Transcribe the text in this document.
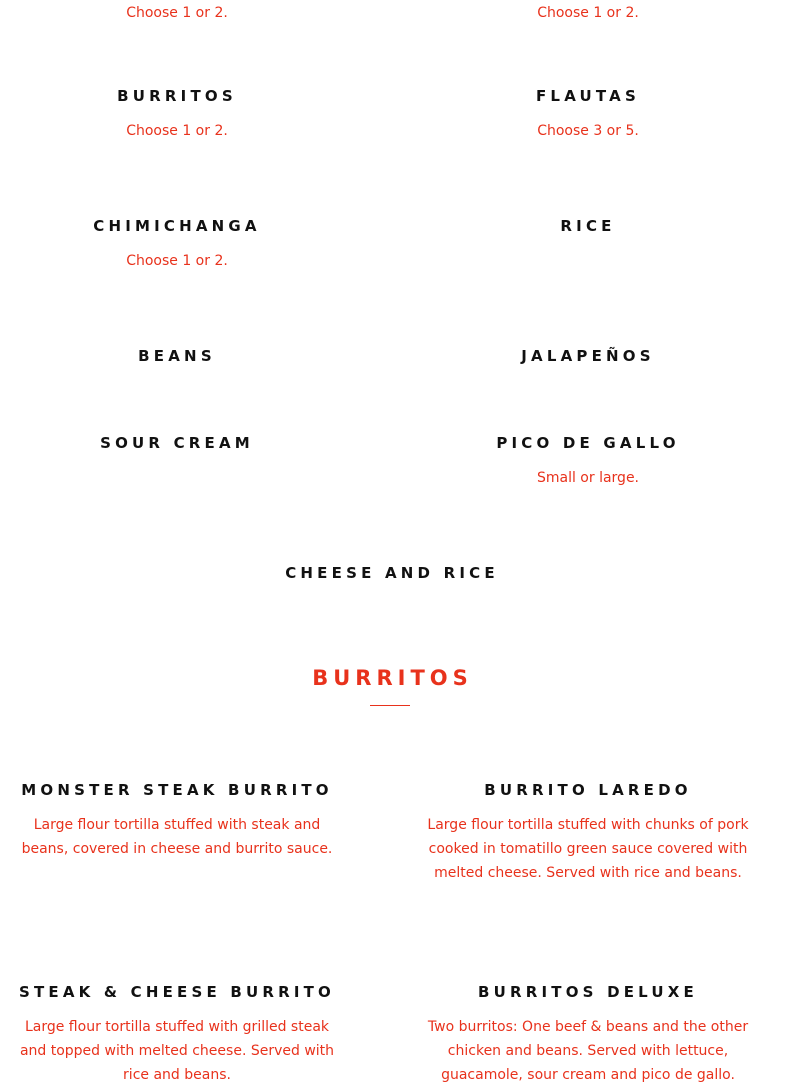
Choose 1 or 2.	Choose 1 or 2.

BURRITOS

Choose 1 or 2.

FLAUTAS

Choose 3 or 5.

CHIMICHANGA

Choose 1 or 2.

RICE
BEANS	JALAPEÑOS
SOUR CREAM	PICO DE GALLO

Small or large.

CHEESE AND RICE
BURRITOS
MONSTER STEAK BURRITO

Large flour tortilla stuffed with steak and beans, covered in cheese and burrito sauce.

BURRITO LAREDO

Large flour tortilla stuffed with chunks of pork cooked in tomatillo green sauce covered with melted cheese. Served with rice and beans.

STEAK & CHEESE BURRITO

Large flour tortilla stuffed with grilled steak and topped with melted cheese. Served with rice and beans.

BURRITOS DELUXE

Two burritos: One beef & beans and the other chicken and beans. Served with lettuce, guacamole, sour cream and pico de gallo.
